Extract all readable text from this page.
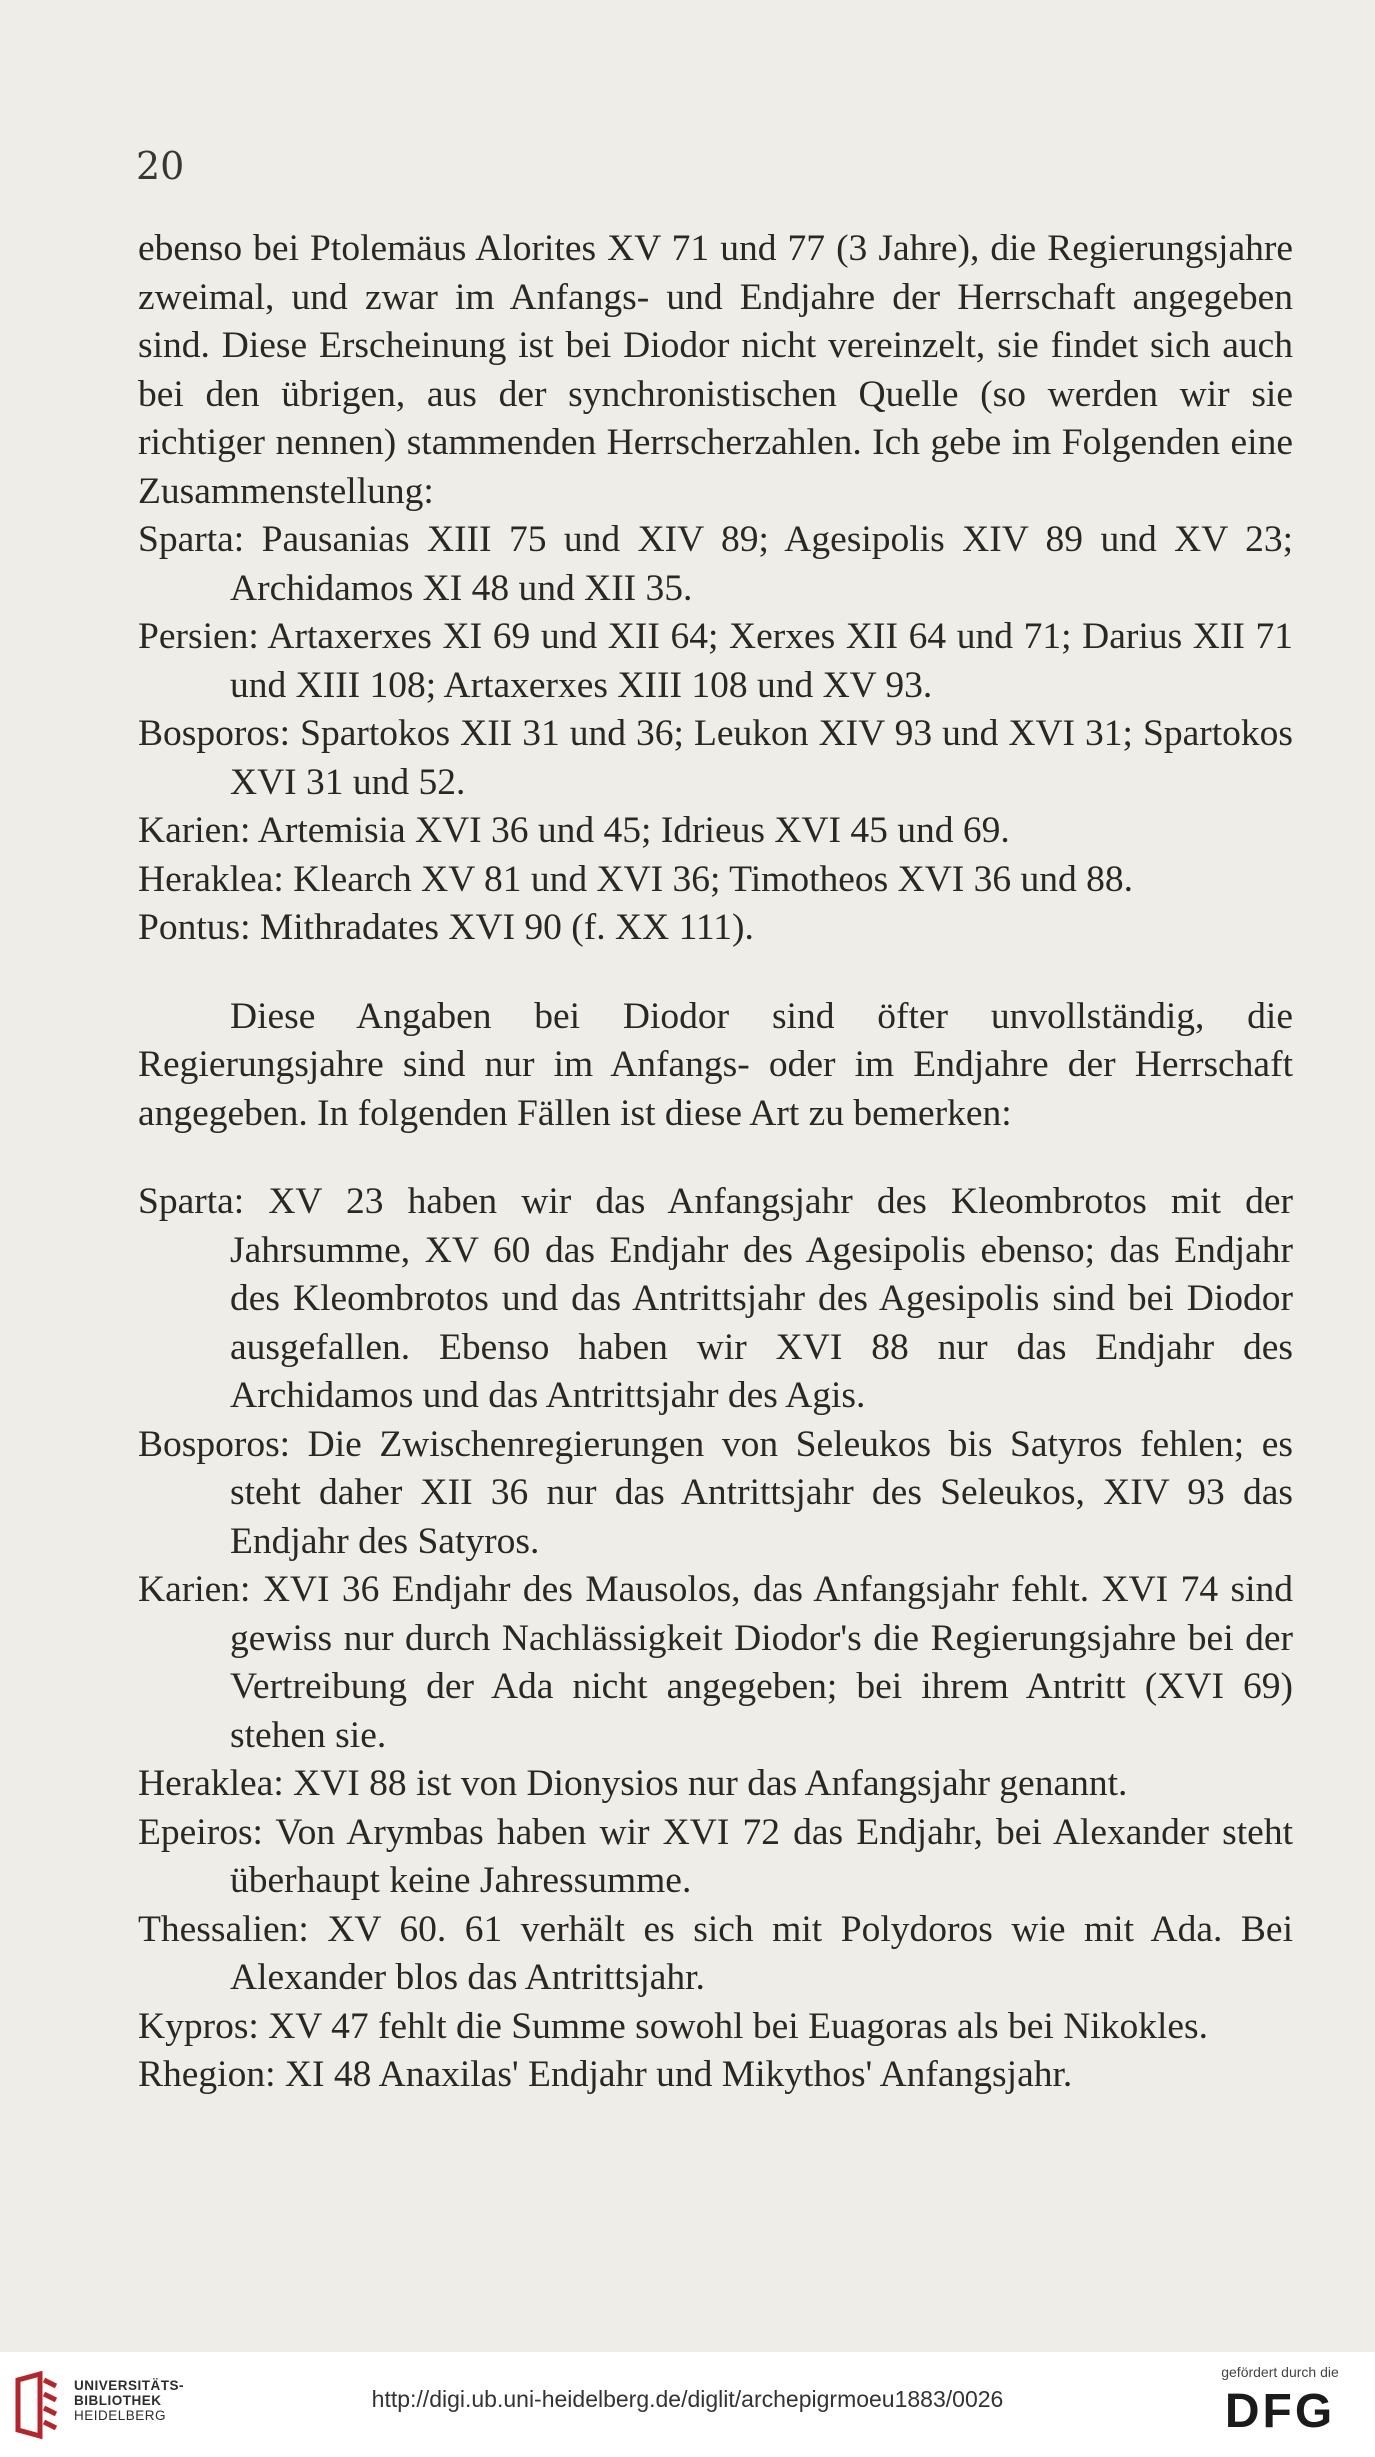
20

ebenso bei Ptolemäus Alorites XV 71 und 77 (3 Jahre), die Regierungsjahre zweimal, und zwar im Anfangs- und Endjahre der Herrschaft angegeben sind. Diese Erscheinung ist bei Diodor nicht vereinzelt, sie findet sich auch bei den übrigen, aus der synchronistischen Quelle (so werden wir sie richtiger nennen) stammenden Herrscherzahlen. Ich gebe im Folgenden eine Zusammenstellung:

Sparta: Pausanias XIII 75 und XIV 89; Agesipolis XIV 89 und XV 23; Archidamos XI 48 und XII 35.

Persien: Artaxerxes XI 69 und XII 64; Xerxes XII 64 und 71; Darius XII 71 und XIII 108; Artaxerxes XIII 108 und XV 93.

Bosporos: Spartokos XII 31 und 36; Leukon XIV 93 und XVI 31; Spartokos XVI 31 und 52.

Karien: Artemisia XVI 36 und 45; Idrieus XVI 45 und 69.

Heraklea: Klearch XV 81 und XVI 36; Timotheos XVI 36 und 88.

Pontus: Mithradates XVI 90 (f. XX 111).

Diese Angaben bei Diodor sind öfter unvollständig, die Regierungsjahre sind nur im Anfangs- oder im Endjahre der Herrschaft angegeben. In folgenden Fällen ist diese Art zu bemerken:

Sparta: XV 23 haben wir das Anfangsjahr des Kleombrotos mit der Jahrsumme, XV 60 das Endjahr des Agesipolis ebenso; das Endjahr des Kleombrotos und das Antrittsjahr des Agesipolis sind bei Diodor ausgefallen. Ebenso haben wir XVI 88 nur das Endjahr des Archidamos und das Antrittsjahr des Agis.

Bosporos: Die Zwischenregierungen von Seleukos bis Satyros fehlen; es steht daher XII 36 nur das Antrittsjahr des Seleukos, XIV 93 das Endjahr des Satyros.

Karien: XVI 36 Endjahr des Mausolos, das Anfangsjahr fehlt. XVI 74 sind gewiss nur durch Nachlässigkeit Diodor's die Regierungsjahre bei der Vertreibung der Ada nicht angegeben; bei ihrem Antritt (XVI 69) stehen sie.

Heraklea: XVI 88 ist von Dionysios nur das Anfangsjahr genannt.

Epeiros: Von Arymbas haben wir XVI 72 das Endjahr, bei Alexander steht überhaupt keine Jahressumme.

Thessalien: XV 60. 61 verhält es sich mit Polydoros wie mit Ada. Bei Alexander blos das Antrittsjahr.

Kypros: XV 47 fehlt die Summe sowohl bei Euagoras als bei Nikokles.

Rhegion: XI 48 Anaxilas' Endjahr und Mikythos' Anfangsjahr.

UNIVERSITÄTS-
BIBLIOTHEK
HEIDELBERG
http://digi.ub.uni-heidelberg.de/diglit/archepigrmoeu1883/0026
gefördert durch die
DFG
